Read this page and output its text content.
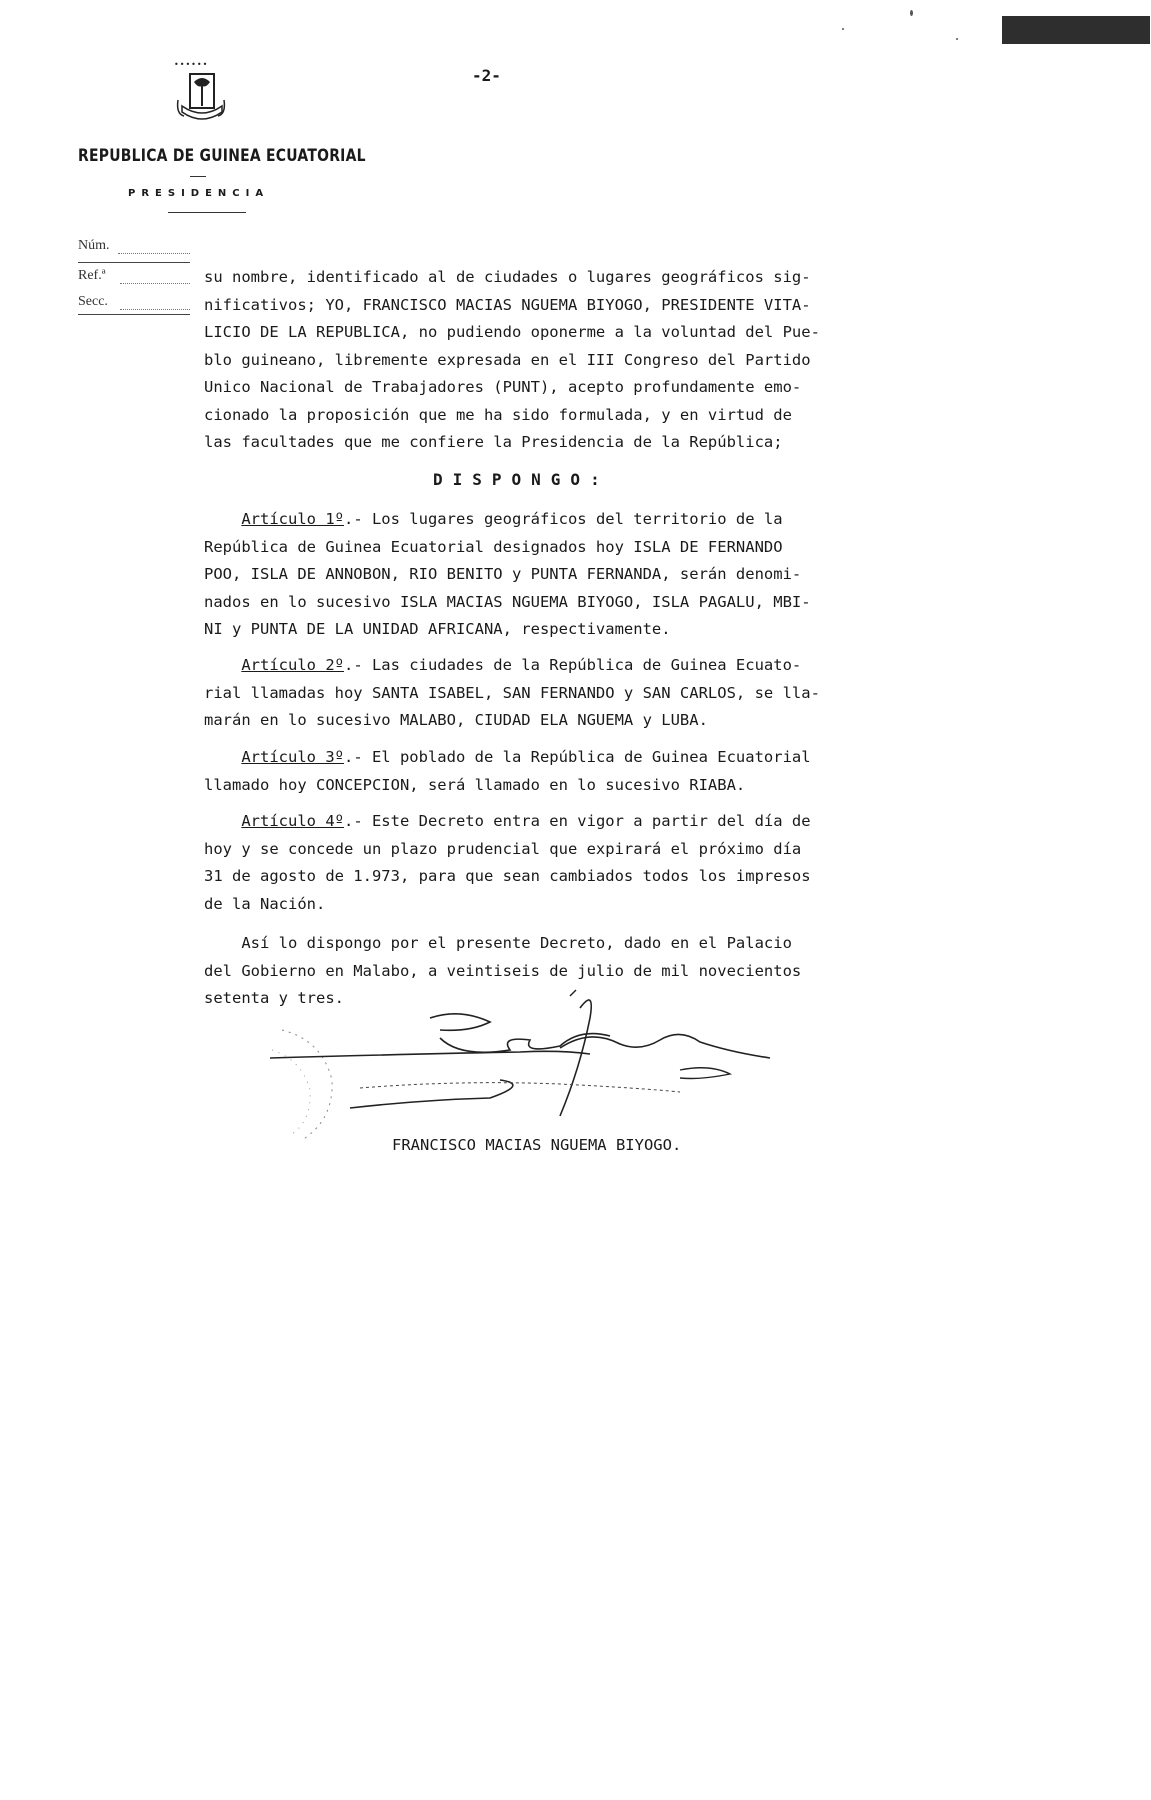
••••••
REPUBLICA DE GUINEA ECUATORIAL
PRESIDENCIA
-2-
Núm.
Ref.ª
Secc.
su nombre, identificado al de ciudades o lugares geográficos sig-
nificativos; YO, FRANCISCO MACIAS NGUEMA BIYOGO, PRESIDENTE VITA-
LICIO DE LA REPUBLICA, no pudiendo oponerme a la voluntad del Pue-
blo guineano, libremente expresada en el III Congreso del Partido
Unico Nacional de Trabajadores (PUNT), acepto profundamente emo-
cionado la proposición que me ha sido formulada, y en virtud de
las facultades que me confiere la Presidencia de la República;
DISPONGO:
Artículo 1º.- Los lugares geográficos del territorio de la
República de Guinea Ecuatorial designados hoy ISLA DE FERNANDO
POO, ISLA DE ANNOBON, RIO BENITO y PUNTA FERNANDA, serán denomi-
nados en lo sucesivo ISLA MACIAS NGUEMA BIYOGO, ISLA PAGALU, MBI-
NI y PUNTA DE LA UNIDAD AFRICANA, respectivamente.
Artículo 2º.- Las ciudades de la República de Guinea Ecuato-
rial llamadas hoy SANTA ISABEL, SAN FERNANDO y SAN CARLOS, se lla-
marán en lo sucesivo MALABO, CIUDAD ELA NGUEMA y LUBA.
Artículo 3º.- El poblado de la República de Guinea Ecuatorial
llamado hoy CONCEPCION, será llamado en lo sucesivo RIABA.
Artículo 4º.- Este Decreto entra en vigor a partir del día de
hoy y se concede un plazo prudencial que expirará el próximo día
31 de agosto de 1.973, para que sean cambiados todos los impresos
de la Nación.
Así lo dispongo por el presente Decreto, dado en el Palacio
del Gobierno en Malabo, a veintiseis de julio de mil novecientos
setenta y tres.
FRANCISCO MACIAS NGUEMA BIYOGO.
